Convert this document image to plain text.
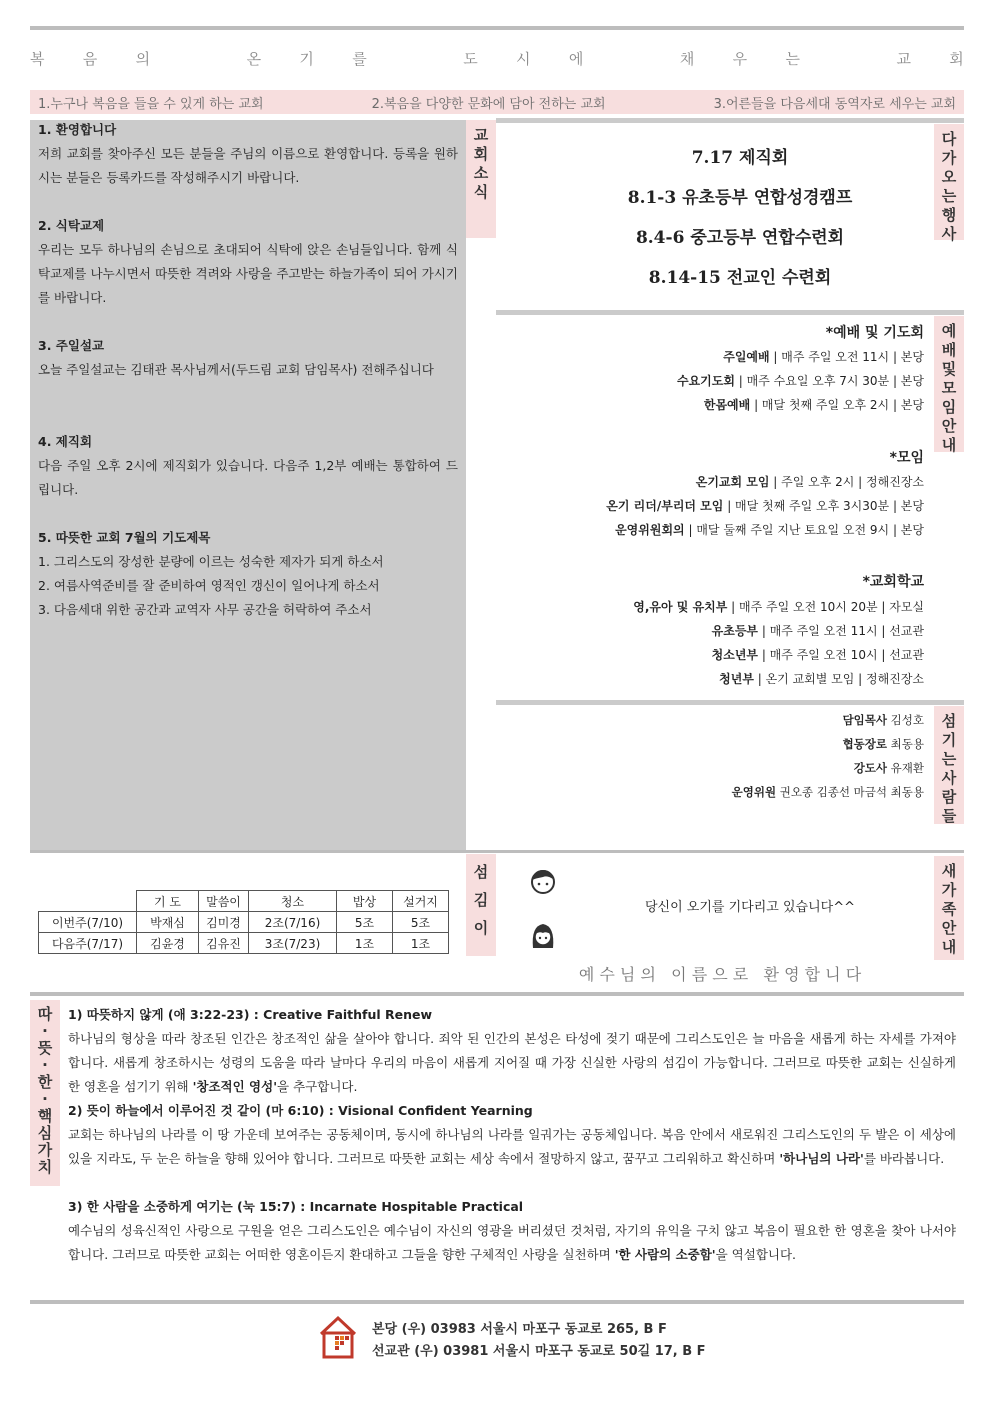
복	음	의	온	기	를	도	시	에	채	우	는	교	회
1.누구나 복음을 들을 수 있게 하는 교회	2.복음을 다양한 문화에 담아 전하는 교회	3.어른들을 다음세대 동역자로 세우는 교회
교
회
소
식
1. 환영합니다

저희 교회를 찾아주신 모든 분들을 주님의 이름으로 환영합니다. 등록을 원하시는 분들은 등록카드를 작성해주시기 바랍니다.

2. 식탁교제

우리는 모두 하나님의 손님으로 초대되어 식탁에 앉은 손님들입니다. 함께 식탁교제를 나누시면서 따뜻한 격려와 사랑을 주고받는 하늘가족이 되어 가시기를 바랍니다.

3. 주일설교

오늘 주일설교는 김태관 목사님께서(두드림 교회 담임목사) 전해주십니다

4. 제직회

다음 주일 오후 2시에 제직회가 있습니다. 다음주 1,2부 예배는 통합하여 드립니다.

5. 따뜻한 교회 7월의 기도제목
1. 그리스도의 장성한 분량에 이르는 성숙한 제자가 되게 하소서
2. 여름사역준비를 잘 준비하여 영적인 갱신이 일어나게 하소서
3. 다음세대 위한 공간과 교역자 사무 공간을 허락하여 주소서
7.17 제직회
8.1-3 유초등부 연합성경캠프
8.4-6 중고등부 연합수련회
8.14-15 전교인 수련회
다
가
오
는
행
사
예
배
및
모
임
안
내
*예배 및 기도회
주일예배 | 매주 주일 오전 11시 | 본당
수요기도회 | 매주 수요일 오후 7시 30분 | 본당
한몸예배 | 매달 첫째 주일 오후 2시 | 본당
*모임
온기교회 모임 | 주일 오후 2시 | 정해진장소
온기 리더/부리더 모임 | 매달 첫째 주일 오후 3시30분 | 본당
운영위원회의 | 매달 둘째 주일 지난 토요일 오전 9시 | 본당
*교회학교
영,유아 및 유치부 | 매주 주일 오전 10시 20분 | 자모실
유초등부 | 매주 주일 오전 11시 | 선교관
청소년부 | 매주 주일 오전 10시 | 선교관
청년부 | 온기 교회별 모임 | 정해진장소
섬
기
는
사
람
들
담임목사 김성호
협동장로 최동용
강도사 유재환
운영위원 권오종 김종선 마금석 최동용
	기 도	말씀이	청소	밥상	설거지
이번주(7/10)	박재심	김미경	2조(7/16)	5조	5조
다음주(7/17)	김윤경	김유진	3조(7/23)	1조	1조
섬
김
이
당신이 오기를 기다리고 있습니다^^
새
가
족
안
내
예 수 님 의   이 름 으 로   환 영 합 니 다
따
·
뜻
·
한
·
핵
심
가
치
1) 따뜻하지 않게 (애 3:22-23) : Creative Faithful Renew

하나님의 형상을 따라 창조된 인간은 창조적인 삶을 살아야 합니다. 죄악 된 인간의 본성은 타성에 젖기 때문에 그리스도인은 늘 마음을 새롭게 하는 자세를 가져야합니다. 새롭게 창조하시는 성령의 도움을 따라 날마다 우리의 마음이 새롭게 지어질 때 가장 신실한 사랑의 섬김이 가능합니다. 그러므로 따뜻한 교회는 신실하게 한 영혼을 섬기기 위해 '창조적인 영성'을 추구합니다.

2) 뜻이 하늘에서 이루어진 것 같이 (마 6:10) : Visional Confident Yearning

교회는 하나님의 나라를 이 땅 가운데 보여주는 공동체이며, 동시에 하나님의 나라를 일궈가는 공동체입니다. 복음 안에서 새로워진 그리스도인의 두 발은 이 세상에 있을 지라도, 두 눈은 하늘을 향해 있어야 합니다. 그러므로 따뜻한 교회는 세상 속에서 절망하지 않고, 꿈꾸고 그리워하고 확신하며 '하나님의 나라'를 바라봅니다.

3) 한 사람을 소중하게 여기는 (눅 15:7) : Incarnate Hospitable Practical

예수님의 성육신적인 사랑으로 구원을 얻은 그리스도인은 예수님이 자신의 영광을 버리셨던 것처럼, 자기의 유익을 구치 않고 복음이 필요한 한 영혼을 찾아 나서야 합니다. 그러므로 따뜻한 교회는 어떠한 영혼이든지 환대하고 그들을 향한 구체적인 사랑을 실천하며 '한 사람의 소중함'을 역설합니다.

본당 (우) 03983 서울시 마포구 동교로 265, B F
선교관 (우) 03981 서울시 마포구 동교로 50길 17, B F
